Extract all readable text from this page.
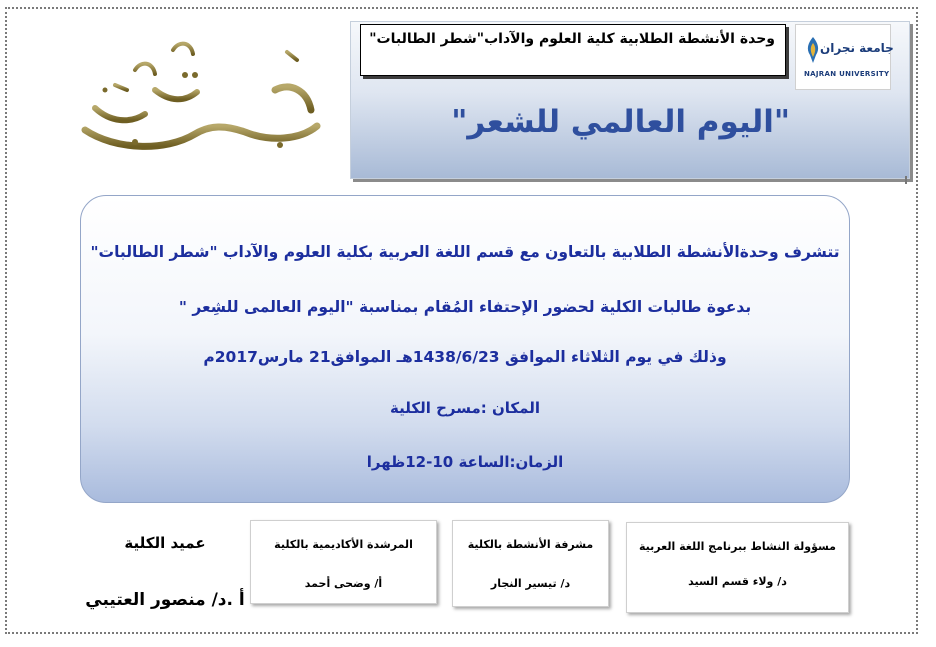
وحدة الأنشطة الطلابية كلية العلوم والآداب"شطر الطالبات"
جامعة نجران
NAJRAN UNIVERSITY
"اليوم العالمي للشعر"
تتشرف وحدةالأنشطة الطلابية بالتعاون مع قسم اللغة العربية بكلية العلوم والآداب "شطر الطالبات"
بدعوة طالبات الكلية لحضور الإحتفاء المُقام بمناسبة "اليوم العالمى للشِعر "
وذلك في يوم الثلاثاء الموافق 1438/6/23هـ الموافق21 مارس2017م
المكان :مسرح الكلية
الزمان:الساعة 10-12ظهرا
عميد الكلية
أ .د/ منصور العتيبي
المرشدة الأكاديمية بالكلية
أ/ وضحى أحمد
مشرفة الأنشطة بالكلية
د/ تيسير النجار
مسؤولة النشاط ببرنامج اللغة العربية
د/ ولاء قسم السيد
